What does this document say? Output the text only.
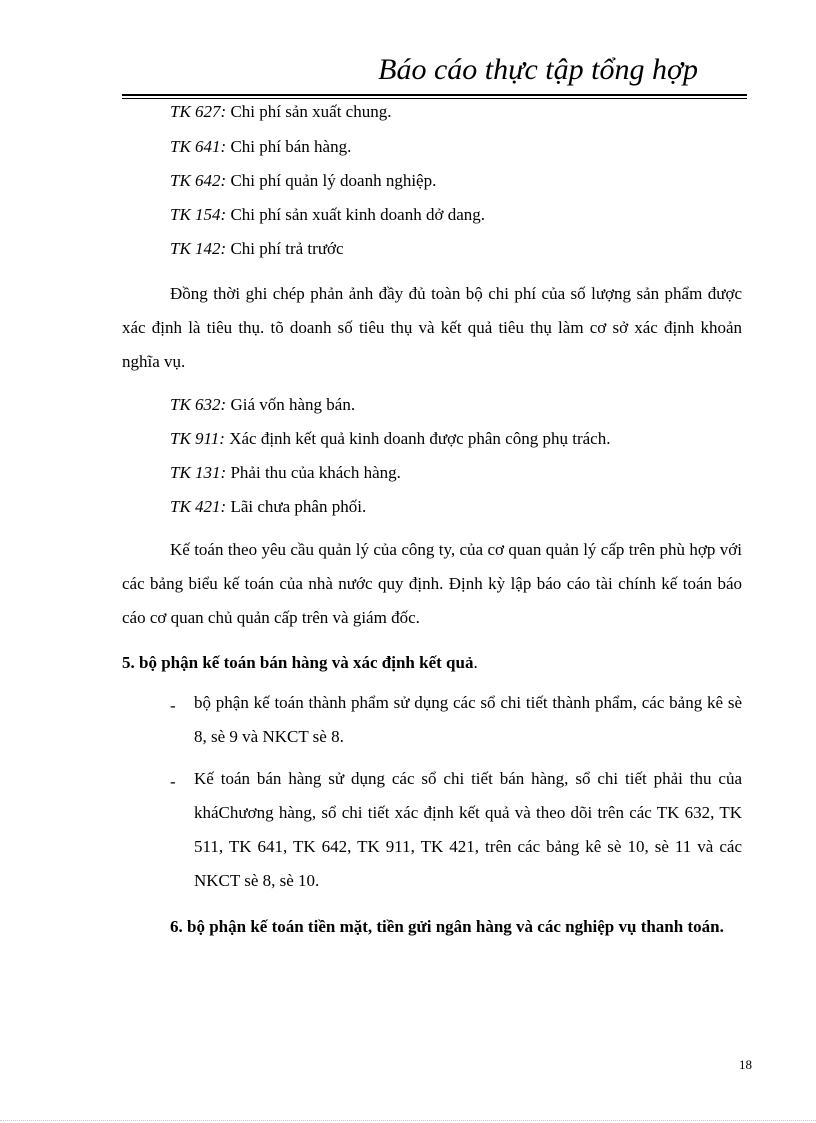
Báo cáo thực tập tổng hợp
TK 627: Chi phí sản xuất chung.
TK 641: Chi phí bán hàng.
TK 642: Chi phí quản lý doanh nghiệp.
TK 154: Chi phí sản xuất kinh doanh dở dang.
TK 142: Chi phí trả trước
Đồng thời ghi chép phản ảnh đầy đủ toàn bộ chi phí của số lượng sản phẩm được xác định là tiêu thụ. tõ doanh số tiêu thụ và kết quả tiêu thụ làm cơ sở xác định khoản nghĩa vụ.
TK 632: Giá vốn hàng bán.
TK 911: Xác định kết quả kinh doanh được phân công phụ trách.
TK 131: Phải thu của khách hàng.
TK 421: Lãi chưa phân phối.
Kế toán theo yêu cầu quản lý của công ty, của cơ quan quản lý cấp trên phù hợp với các bảng biểu kế toán của nhà nước quy định. Định kỳ lập báo cáo tài chính kế toán báo cáo cơ quan chủ quản cấp trên và giám đốc.
5. bộ phận kế toán bán hàng và xác định kết quả.
- bộ phận kế toán thành phẩm sử dụng các sổ chi tiết thành phẩm, các bảng kê sè 8, sè 9 và NKCT sè 8.
- Kế toán bán hàng sử dụng các sổ chi tiết bán hàng, sổ chi tiết phải thu của kháChương hàng, sổ chi tiết xác định kết quả và theo dõi trên các TK 632, TK 511, TK 641, TK 642, TK 911, TK 421, trên các bảng kê sè 10, sè 11 và các NKCT sè 8, sè 10.
6. bộ phận kế toán tiền mặt, tiền gửi ngân hàng và các nghiệp vụ thanh toán.
18
